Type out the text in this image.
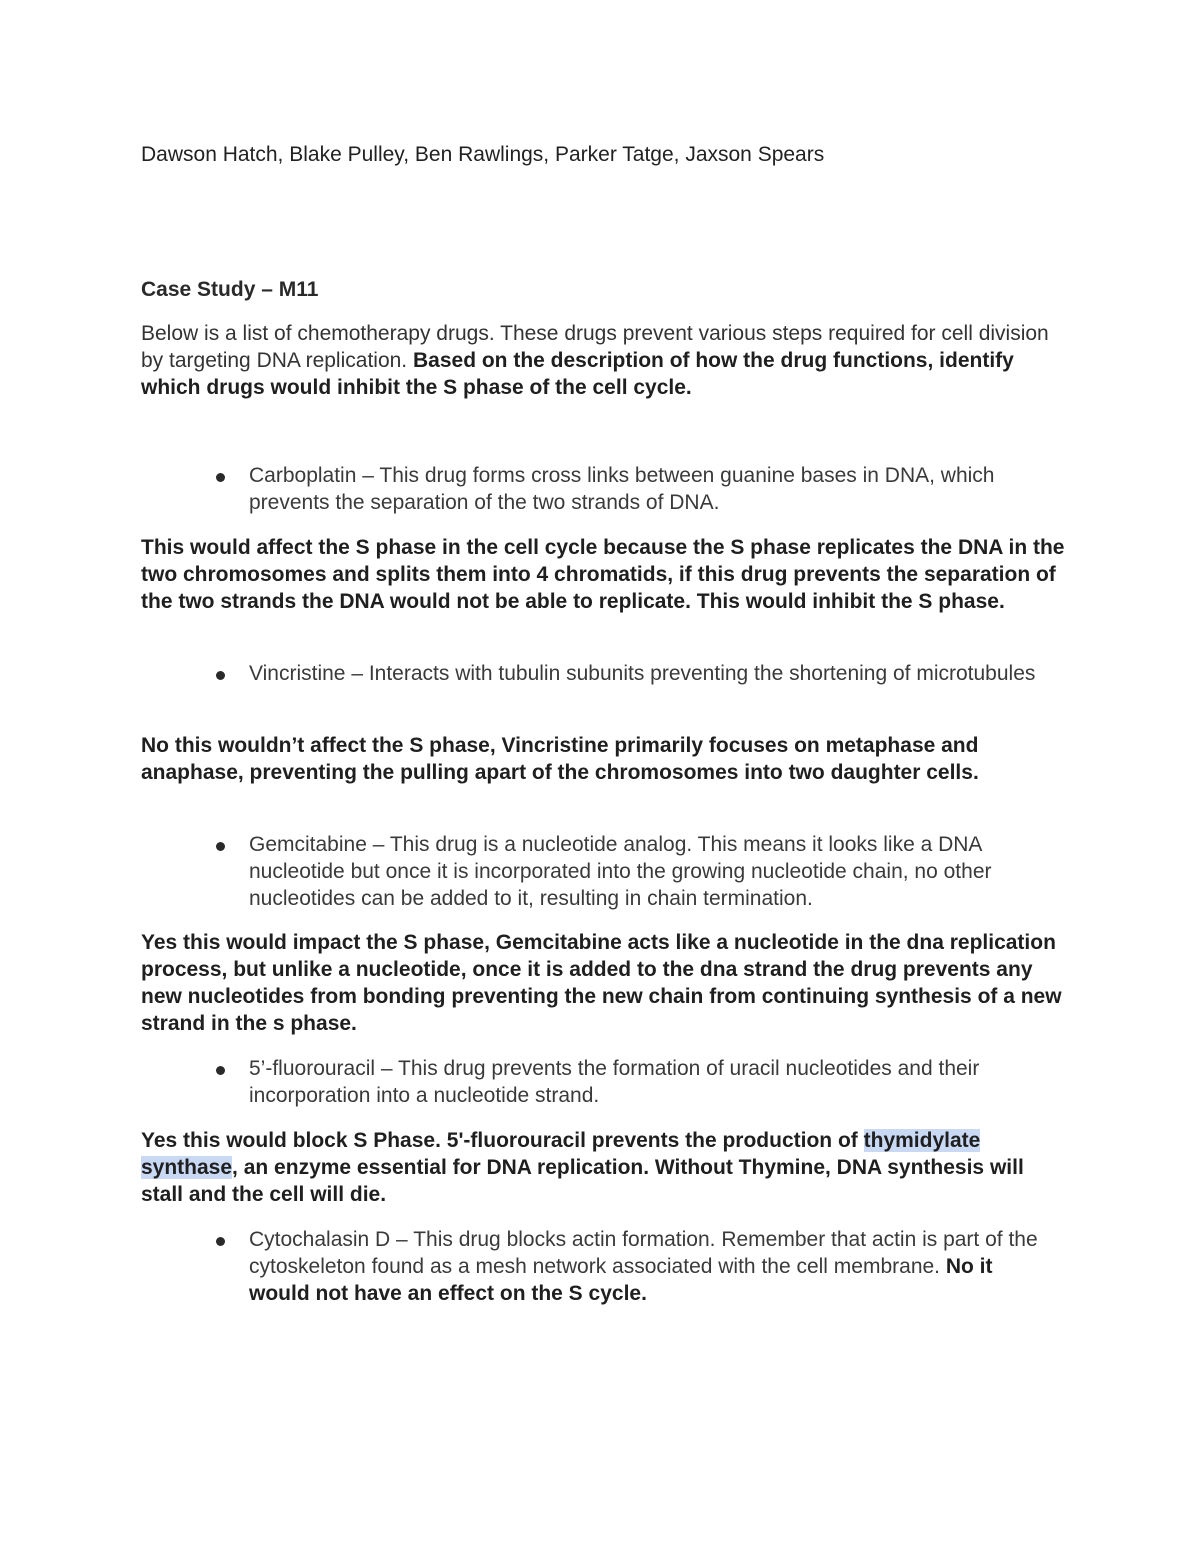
Dawson Hatch, Blake Pulley, Ben Rawlings, Parker Tatge, Jaxson Spears
Case Study – M11
Below is a list of chemotherapy drugs. These drugs prevent various steps required for cell division by targeting DNA replication. Based on the description of how the drug functions, identify which drugs would inhibit the S phase of the cell cycle.
Carboplatin – This drug forms cross links between guanine bases in DNA, which prevents the separation of the two strands of DNA.
This would affect the S phase in the cell cycle because the S phase replicates the DNA in the two chromosomes and splits them into 4 chromatids, if this drug prevents the separation of the two strands the DNA would not be able to replicate. This would inhibit the S phase.
Vincristine – Interacts with tubulin subunits preventing the shortening of microtubules
No this wouldn’t affect the S phase, Vincristine primarily focuses on metaphase and anaphase, preventing the pulling apart of the chromosomes into two daughter cells.
Gemcitabine – This drug is a nucleotide analog. This means it looks like a DNA nucleotide but once it is incorporated into the growing nucleotide chain, no other nucleotides can be added to it, resulting in chain termination.
Yes this would impact the S phase, Gemcitabine acts like a nucleotide in the dna replication process, but unlike a nucleotide, once it is added to the dna strand the drug prevents any new nucleotides from bonding preventing the new chain from continuing synthesis of a new strand in the s phase.
5’-fluorouracil – This drug prevents the formation of uracil nucleotides and their incorporation into a nucleotide strand.
Yes this would block S Phase. 5'-fluorouracil prevents the production of thymidylate synthase, an enzyme essential for DNA replication. Without Thymine, DNA synthesis will stall and the cell will die.
Cytochalasin D – This drug blocks actin formation. Remember that actin is part of the cytoskeleton found as a mesh network associated with the cell membrane. No it would not have an effect on the S cycle.
